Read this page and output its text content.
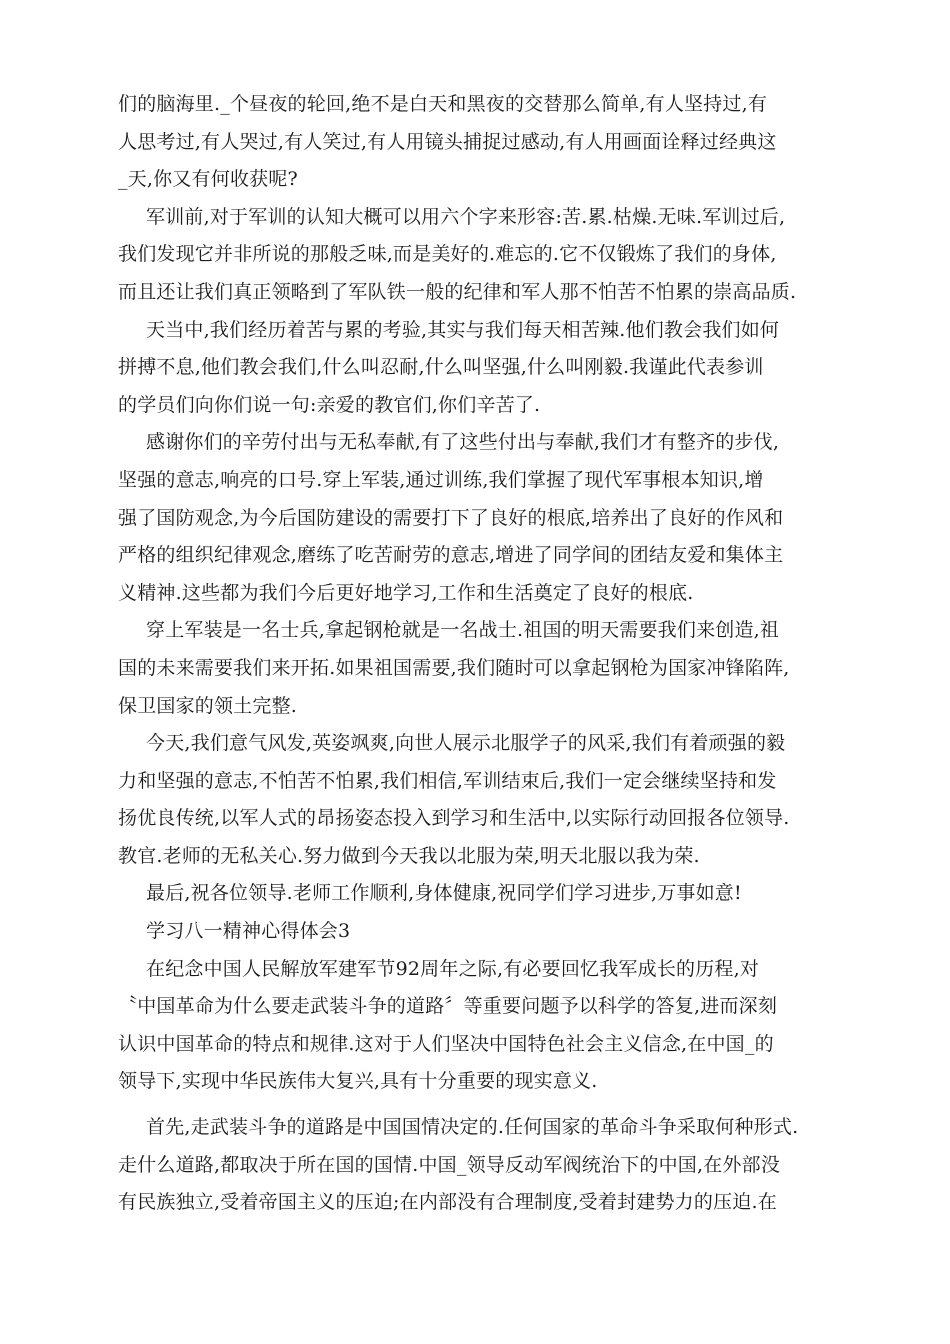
们的脑海里._个昼夜的轮回,绝不是白天和黑夜的交替那么简单,有人坚持过,有
人思考过,有人哭过,有人笑过,有人用镜头捕捉过感动,有人用画面诠释过经典这
_天,你又有何收获呢?
军训前,对于军训的认知大概可以用六个字来形容:苦.累.枯燥.无味.军训过后,
我们发现它并非所说的那般乏味,而是美好的.难忘的.它不仅锻炼了我们的身体,
而且还让我们真正领略到了军队铁一般的纪律和军人那不怕苦不怕累的崇高品质.
天当中,我们经历着苦与累的考验,其实与我们每天相苦辣.他们教会我们如何
拼搏不息,他们教会我们,什么叫忍耐,什么叫坚强,什么叫刚毅.我谨此代表参训
的学员们向你们说一句:亲爱的教官们,你们辛苦了.
感谢你们的辛劳付出与无私奉献,有了这些付出与奉献,我们才有整齐的步伐,
坚强的意志,响亮的口号.穿上军装,通过训练,我们掌握了现代军事根本知识,增
强了国防观念,为今后国防建设的需要打下了良好的根底,培养出了良好的作风和
严格的组织纪律观念,磨练了吃苦耐劳的意志,增进了同学间的团结友爱和集体主
义精神.这些都为我们今后更好地学习,工作和生活奠定了良好的根底.
穿上军装是一名士兵,拿起钢枪就是一名战士.祖国的明天需要我们来创造,祖
国的未来需要我们来开拓.如果祖国需要,我们随时可以拿起钢枪为国家冲锋陷阵,
保卫国家的领土完整.
今天,我们意气风发,英姿飒爽,向世人展示北服学子的风采,我们有着顽强的毅
力和坚强的意志,不怕苦不怕累,我们相信,军训结束后,我们一定会继续坚持和发
扬优良传统,以军人式的昂扬姿态投入到学习和生活中,以实际行动回报各位领导.
教官.老师的无私关心.努力做到今天我以北服为荣,明天北服以我为荣.
最后,祝各位领导.老师工作顺利,身体健康,祝同学们学习进步,万事如意!
学习八一精神心得体会3
在纪念中国人民解放军建军节92周年之际,有必要回忆我军成长的历程,对
〝中国革命为什么要走武装斗争的道路〞等重要问题予以科学的答复,进而深刻
认识中国革命的特点和规律.这对于人们坚决中国特色社会主义信念,在中国_的
领导下,实现中华民族伟大复兴,具有十分重要的现实意义.
首先,走武装斗争的道路是中国国情决定的.任何国家的革命斗争采取何种形式.
走什么道路,都取决于所在国的国情.中国_领导反动军阀统治下的中国,在外部没
有民族独立,受着帝国主义的压迫;在内部没有合理制度,受着封建势力的压迫.在
